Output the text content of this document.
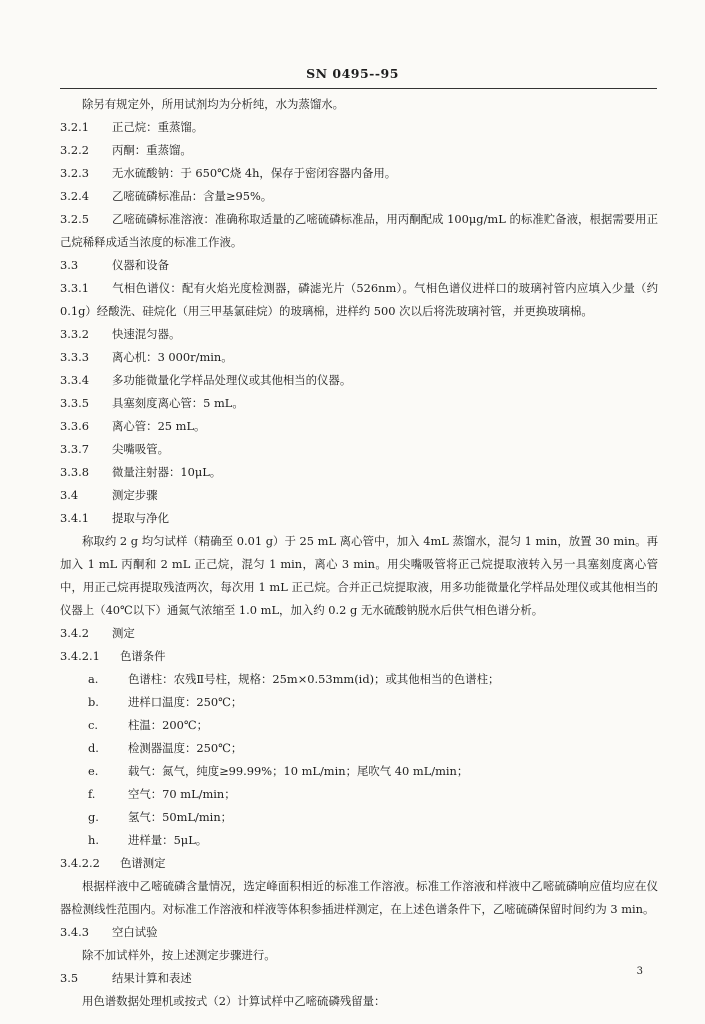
SN 0495--95
除另有规定外，所用试剂均为分析纯，水为蒸馏水。
3.2.1	正己烷：重蒸馏。
3.2.2	丙酮：重蒸馏。
3.2.3	无水硫酸钠：于 650℃烧 4h，保存于密闭容器内备用。
3.2.4	乙嘧硫磷标准品：含量≥95%。
3.2.5 乙嘧硫磷标准溶液：准确称取适量的乙嘧硫磷标准品，用丙酮配成 100μg/mL 的标准贮备液，根据需要用正己烷稀释成适当浓度的标准工作液。
3.3	仪器和设备
3.3.1 气相色谱仪：配有火焰光度检测器，磷滤光片（526nm）。气相色谱仪进样口的玻璃衬管内应填入少量（约 0.1g）经酸洗、硅烷化（用三甲基氯硅烷）的玻璃棉，进样约 500 次以后将洗玻璃衬管，并更换玻璃棉。
3.3.2	快速混匀器。
3.3.3	离心机：3 000r/min。
3.3.4	多功能微量化学样品处理仪或其他相当的仪器。
3.3.5	具塞刻度离心管：5 mL。
3.3.6	离心管：25 mL。
3.3.7	尖嘴吸管。
3.3.8	微量注射器：10μL。
3.4	测定步骤
3.4.1	提取与净化
称取约 2 g 均匀试样（精确至 0.01 g）于 25 mL 离心管中，加入 4mL 蒸馏水，混匀 1 min，放置 30 min。再加入 1 mL 丙酮和 2 mL 正己烷，混匀 1 min，离心 3 min。用尖嘴吸管将正己烷提取液转入另一具塞刻度离心管中，用正己烷再提取残渣两次，每次用 1 mL 正己烷。合并正己烷提取液，用多功能微量化学样品处理仪或其他相当的仪器上（40℃以下）通氮气浓缩至 1.0 mL，加入约 0.2 g 无水硫酸钠脱水后供气相色谱分析。
3.4.2	测定
3.4.2.1	色谱条件
a.	色谱柱：农残Ⅱ号柱，规格：25m×0.53mm(id)；或其他相当的色谱柱；
b.	进样口温度：250℃；
c.	柱温：200℃；
d.	检测器温度：250℃；
e.	载气：氮气，纯度≥99.99%；10 mL/min；尾吹气 40 mL/min；
f.	空气：70 mL/min；
g.	氢气：50mL/min；
h.	进样量：5μL。
3.4.2.2	色谱测定
根据样液中乙嘧硫磷含量情况，选定峰面积相近的标准工作溶液。标准工作溶液和样液中乙嘧硫磷响应值均应在仪器检测线性范围内。对标准工作溶液和样液等体积参插进样测定，在上述色谱条件下，乙嘧硫磷保留时间约为 3 min。
3.4.3	空白试验
除不加试样外，按上述测定步骤进行。
3.5	结果计算和表述
用色谱数据处理机或按式（2）计算试样中乙嘧硫磷残留量：
3
